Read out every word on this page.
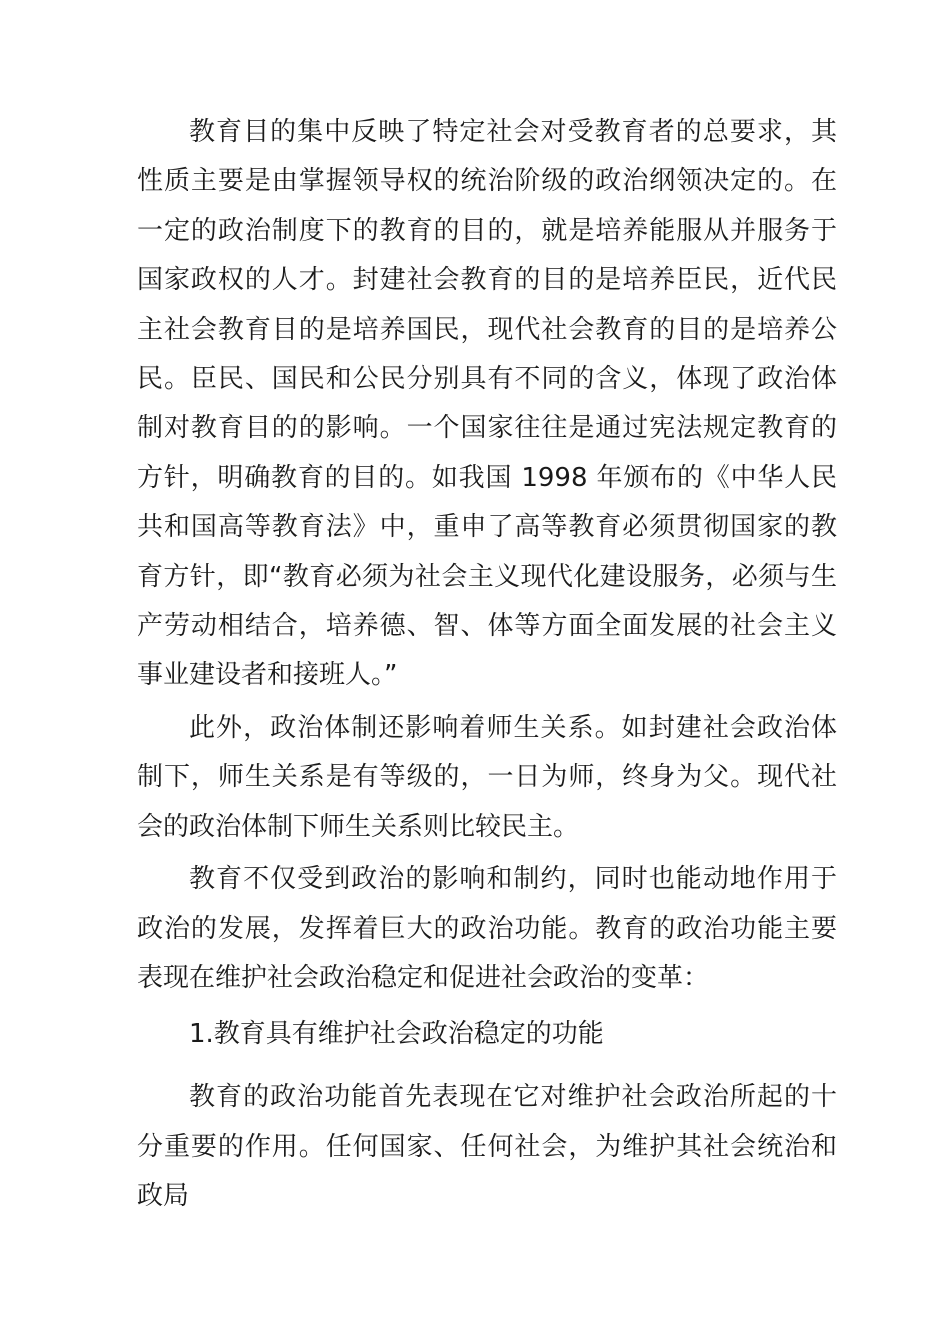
教育目的集中反映了特定社会对受教育者的总要求，其性质主要是由掌握领导权的统治阶级的政治纲领决定的。在一定的政治制度下的教育的目的，就是培养能服从并服务于国家政权的人才。封建社会教育的目的是培养臣民，近代民主社会教育目的是培养国民，现代社会教育的目的是培养公民。臣民、国民和公民分别具有不同的含义，体现了政治体制对教育目的的影响。一个国家往往是通过宪法规定教育的方针，明确教育的目的。如我国 1998 年颁布的《中华人民共和国高等教育法》中，重申了高等教育必须贯彻国家的教育方针，即“教育必须为社会主义现代化建设服务，必须与生产劳动相结合，培养德、智、体等方面全面发展的社会主义事业建设者和接班人。”

此外，政治体制还影响着师生关系。如封建社会政治体制下，师生关系是有等级的，一日为师，终身为父。现代社会的政治体制下师生关系则比较民主。

教育不仅受到政治的影响和制约，同时也能动地作用于政治的发展，发挥着巨大的政治功能。教育的政治功能主要表现在维护社会政治稳定和促进社会政治的变革：

1.教育具有维护社会政治稳定的功能

教育的政治功能首先表现在它对维护社会政治所起的十分重要的作用。任何国家、任何社会，为维护其社会统治和政局
